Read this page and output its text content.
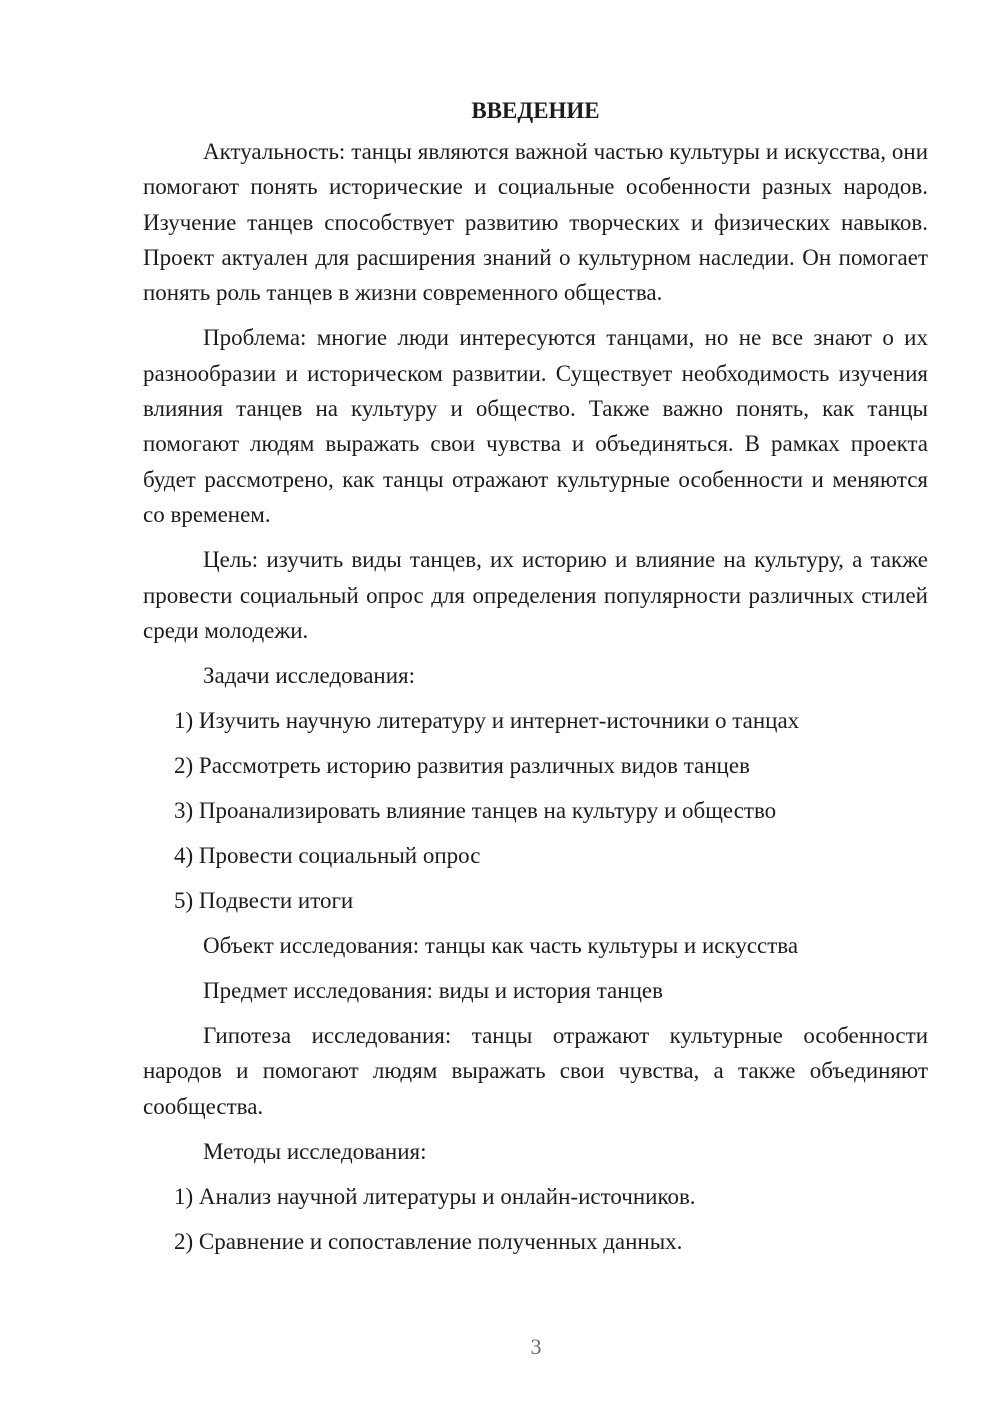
ВВЕДЕНИЕ

Актуальность: танцы являются важной частью культуры и искусства, они помогают понять исторические и социальные особенности разных народов. Изучение танцев способствует развитию творческих и физических навыков. Проект актуален для расширения знаний о культурном наследии. Он помогает понять роль танцев в жизни современного общества.

Проблема: многие люди интересуются танцами, но не все знают о их разнообразии и историческом развитии. Существует необходимость изучения влияния танцев на культуру и общество. Также важно понять, как танцы помогают людям выражать свои чувства и объединяться. В рамках проекта будет рассмотрено, как танцы отражают культурные особенности и меняются со временем.

Цель: изучить виды танцев, их историю и влияние на культуру, а также провести социальный опрос для определения популярности различных стилей среди молодежи.

Задачи исследования:
1) Изучить научную литературу и интернет-источники о танцах
2) Рассмотреть историю развития различных видов танцев
3) Проанализировать влияние танцев на культуру и общество
4) Провести социальный опрос
5) Подвести итоги
Объект исследования: танцы как часть культуры и искусства
Предмет исследования: виды и история танцев

Гипотеза исследования: танцы отражают культурные особенности народов и помогают людям выражать свои чувства, а также объединяют сообщества.

Методы исследования:
1) Анализ научной литературы и онлайн-источников.
2) Сравнение и сопоставление полученных данных.
3
